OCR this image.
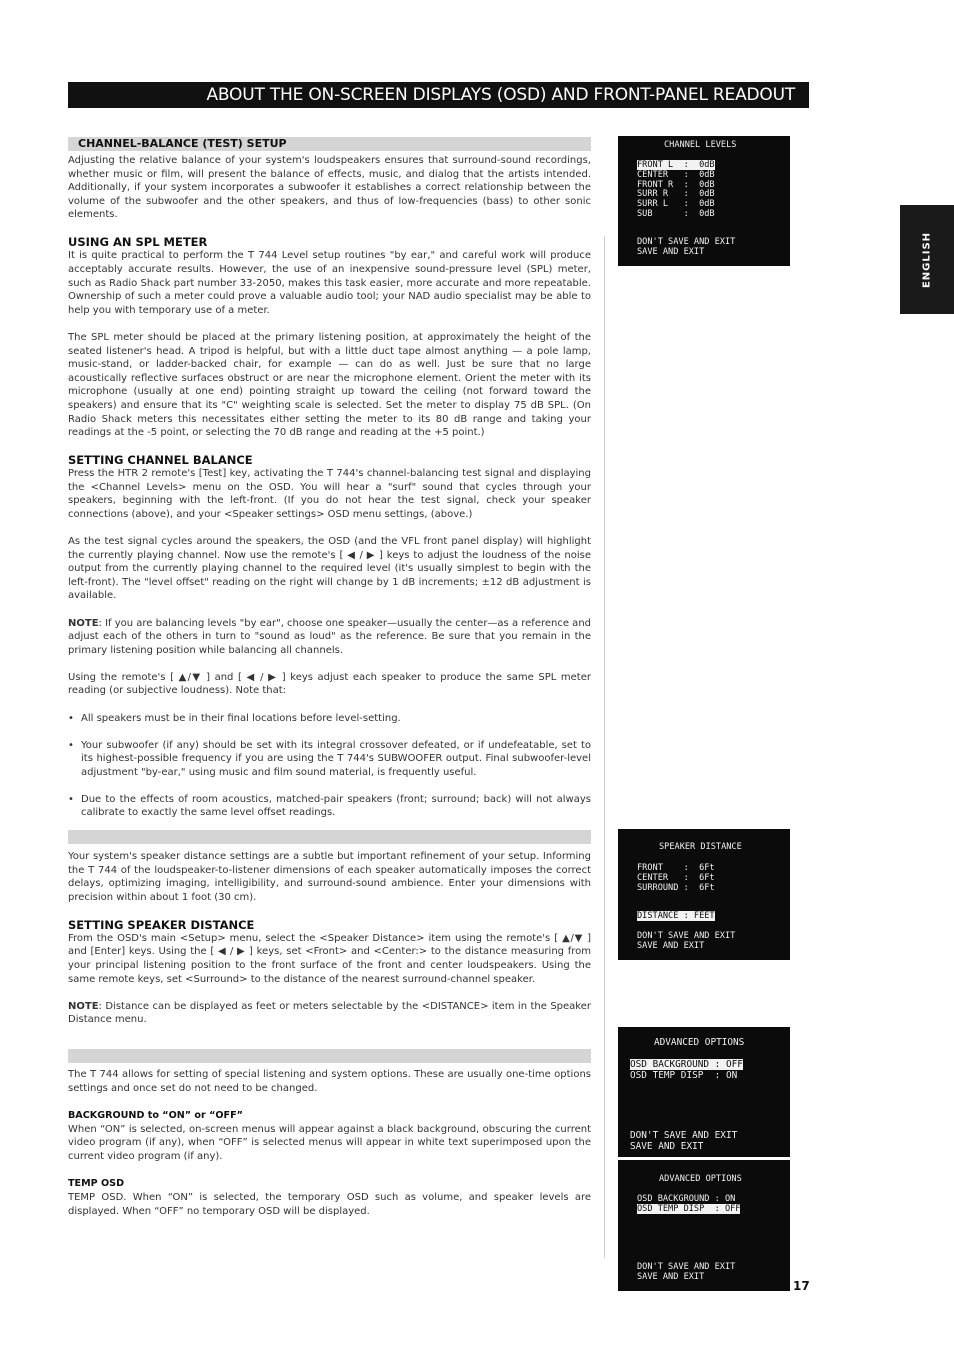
ABOUT THE ON-SCREEN DISPLAYS (OSD) AND FRONT-PANEL READOUT
ENGLISH
CHANNEL-BALANCE (TEST) SETUP

Adjusting the relative balance of your system's loudspeakers ensures that surround-sound recordings, whether music or film, will present the balance of effects, music, and dialog that the artists intended. Additionally, if your system incorporates a subwoofer it establishes a correct relationship between the volume of the subwoofer and the other speakers, and thus of low-frequencies (bass) to other sonic elements.

USING AN SPL METER

It is quite practical to perform the T 744 Level setup routines "by ear," and careful work will produce acceptably accurate results. However, the use of an inexpensive sound-pressure level (SPL) meter, such as Radio Shack part number 33-2050, makes this task easier, more accurate and more repeatable. Ownership of such a meter could prove a valuable audio tool; your NAD audio specialist may be able to help you with temporary use of a meter.

The SPL meter should be placed at the primary listening position, at approximately the height of the seated listener's head. A tripod is helpful, but with a little duct tape almost anything — a pole lamp, music-stand, or ladder-backed chair, for example — can do as well. Just be sure that no large acoustically reflective surfaces obstruct or are near the microphone element. Orient the meter with its microphone (usually at one end) pointing straight up toward the ceiling (not forward toward the speakers) and ensure that its "C" weighting scale is selected. Set the meter to display 75 dB SPL. (On Radio Shack meters this necessitates either setting the meter to its 80 dB range and taking your readings at the -5 point, or selecting the 70 dB range and reading at the +5 point.)

SETTING CHANNEL BALANCE

Press the HTR 2 remote's [Test] key, activating the T 744's channel-balancing test signal and displaying the <Channel Levels> menu on the OSD. You will hear a "surf" sound that cycles through your speakers, beginning with the left-front. (If you do not hear the test signal, check your speaker connections (above), and your <Speaker settings> OSD menu settings, (above.)

As the test signal cycles around the speakers, the OSD (and the VFL front panel display) will highlight the currently playing channel. Now use the remote's [ ◀ / ▶ ] keys to adjust the loudness of the noise output from the currently playing channel to the required level (it's usually simplest to begin with the left-front). The "level offset" reading on the right will change by 1 dB increments; ±12 dB adjustment is available.

NOTE: If you are balancing levels "by ear", choose one speaker—usually the center—as a reference and adjust each of the others in turn to "sound as loud" as the reference. Be sure that you remain in the primary listening position while balancing all channels.

Using the remote's [ ▲/▼ ] and [ ◀ / ▶ ] keys adjust each speaker to produce the same SPL meter reading (or subjective loudness). Note that:

• All speakers must be in their final locations before level-setting.
• Your subwoofer (if any) should be set with its integral crossover defeated, or if undefeatable, set to its highest-possible frequency if you are using the T 744's SUBWOOFER output. Final subwoofer-level adjustment "by-ear," using music and film sound material, is frequently useful.
• Due to the effects of room acoustics, matched-pair speakers (front; surround; back) will not always calibrate to exactly the same level offset readings.

Your system's speaker distance settings are a subtle but important refinement of your setup. Informing the T 744 of the loudspeaker-to-listener dimensions of each speaker automatically imposes the correct delays, optimizing imaging, intelligibility, and surround-sound ambience. Enter your dimensions with precision within about 1 foot (30 cm).

SETTING SPEAKER DISTANCE

From the OSD's main <Setup> menu, select the <Speaker Distance> item using the remote's [ ▲/▼ ] and [Enter] keys. Using the [ ◀ / ▶ ] keys, set <Front> and <Center:> to the distance measuring from your principal listening position to the front surface of the front and center loudspeakers. Using the same remote keys, set <Surround> to the distance of the nearest surround-channel speaker.

NOTE: Distance can be displayed as feet or meters selectable by the <DISTANCE> item in the Speaker Distance menu.

The T 744 allows for setting of special listening and system options. These are usually one-time options settings and once set do not need to be changed.

BACKGROUND to “ON” or “OFF”

When “ON” is selected, on-screen menus will appear against a black background, obscuring the current video program (if any), when “OFF” is selected menus will appear in white text superimposed upon the current video program (if any).

TEMP OSD

TEMP OSD. When “ON” is selected, the temporary OSD such as volume, and speaker levels are displayed. When “OFF” no temporary OSD will be displayed.

CHANNEL LEVELS
FRONT L  :  0dB
CENTER   :  0dB
FRONT R  :  0dB
SURR R   :  0dB
SURR L   :  0dB
SUB      :  0dB
DON'T SAVE AND EXIT
SAVE AND EXIT
SPEAKER DISTANCE
FRONT    :  6Ft
CENTER   :  6Ft
SURROUND :  6Ft
DISTANCE : FEET
DON'T SAVE AND EXIT
SAVE AND EXIT
ADVANCED OPTIONS
OSD BACKGROUND : OFF
OSD TEMP DISP  : ON
DON'T SAVE AND EXIT
SAVE AND EXIT
ADVANCED OPTIONS
OSD BACKGROUND : ON
OSD TEMP DISP  : OFF
DON'T SAVE AND EXIT
SAVE AND EXIT
17
